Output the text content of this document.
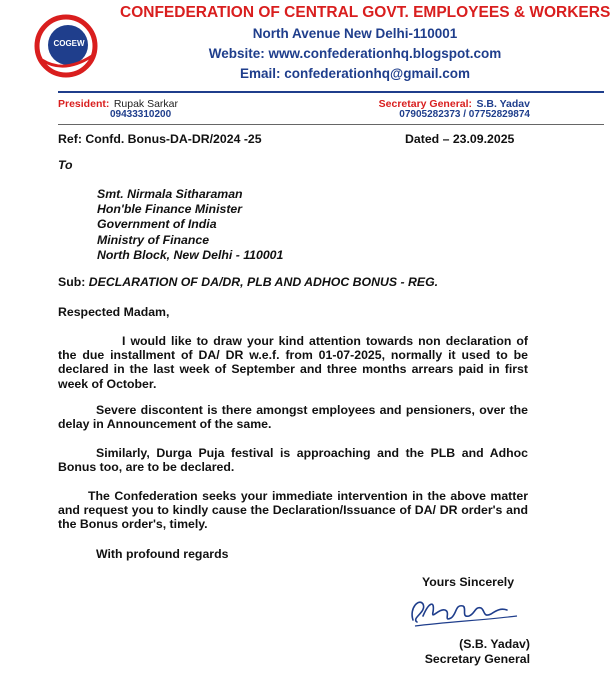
COGEW
CONFEDERATION OF CENTRAL GOVT. EMPLOYEES & WORKERS
North Avenue New Delhi-110001
Website: www.confederationhq.blogspot.com
Email: confederationhq@gmail.com
President: Rupak Sarkar
09433310200
Secretary General: S.B. Yadav
07905282373 / 07752829874
Ref: Confd. Bonus-DA-DR/2024 -25	Dated – 23.09.2025
To
Smt. Nirmala Sitharaman
Hon'ble Finance Minister
Government of India
Ministry of Finance
North Block, New Delhi - 110001
Sub: DECLARATION OF DA/DR, PLB AND ADHOC BONUS - REG.
Respected Madam,
I would like to draw your kind attention towards non declaration of the due installment of DA/ DR w.e.f. from 01-07-2025, normally it used to be declared in the last week of September and three months arrears paid in first week of October.
Severe discontent is there amongst employees and pensioners, over the delay in Announcement of the same.
Similarly, Durga Puja festival is approaching and the PLB and Adhoc Bonus too, are to be declared.
The Confederation seeks your immediate intervention in the above matter and request you to kindly cause the Declaration/Issuance of DA/ DR order's and the Bonus order's, timely.
With profound regards
Yours Sincerely
(S.B. Yadav)
Secretary General
